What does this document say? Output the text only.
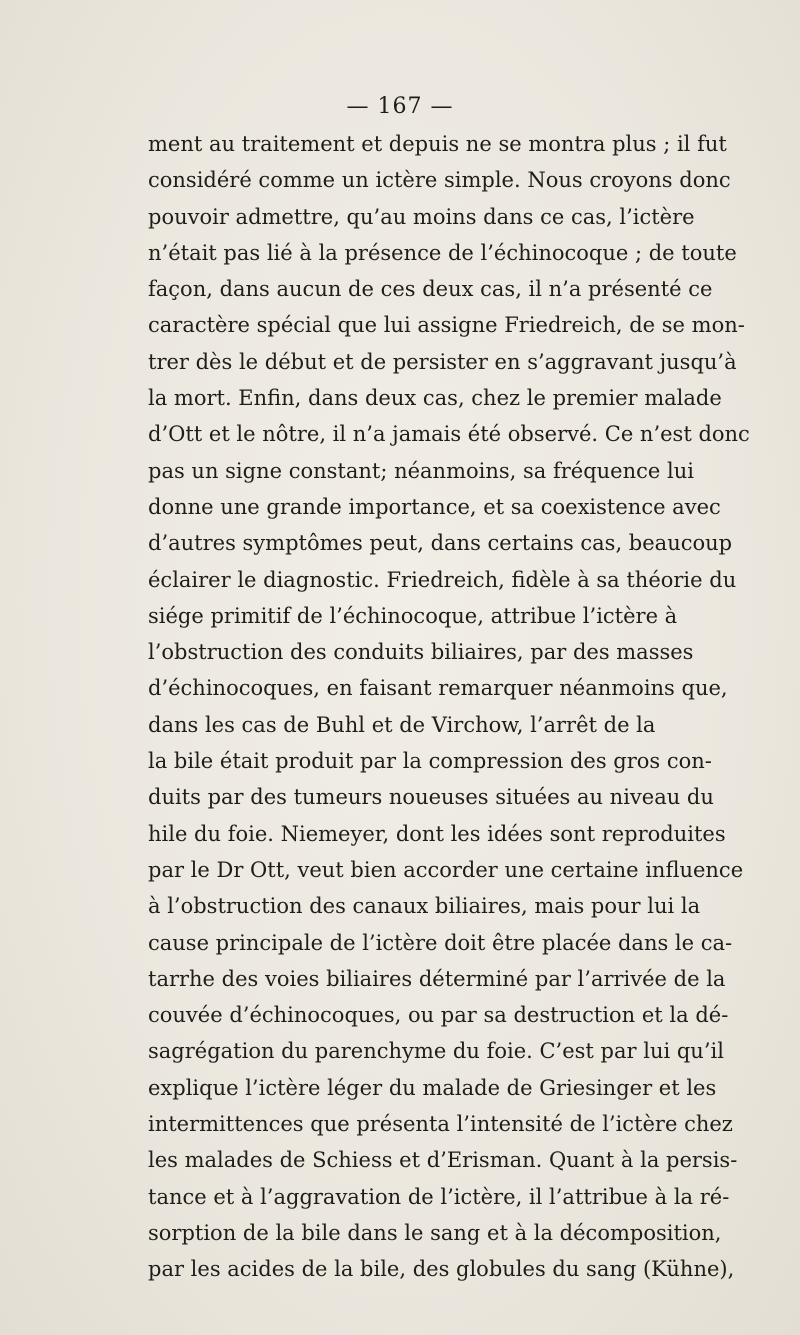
— 167 —
ment au traitement et depuis ne se montra plus ; il fut
considéré comme un ictère simple. Nous croyons donc
pouvoir admettre, qu’au moins dans ce cas, l’ictère
n’était pas lié à la présence de l’échinocoque ; de toute
façon, dans aucun de ces deux cas, il n’a présenté ce
caractère spécial que lui assigne Friedreich, de se mon-
trer dès le début et de persister en s’aggravant jusqu’à
la mort. Enfin, dans deux cas, chez le premier malade
d’Ott et le nôtre, il n’a jamais été observé. Ce n’est donc
pas un signe constant; néanmoins, sa fréquence lui
donne une grande importance, et sa coexistence avec
d’autres symptômes peut, dans certains cas, beaucoup
éclairer le diagnostic. Friedreich, fidèle à sa théorie du
siége primitif de l’échinocoque, attribue l’ictère à
l’obstruction des conduits biliaires, par des masses
d’échinocoques, en faisant remarquer néanmoins que,
dans les cas de Buhl et de Virchow, l’arrêt de la
la bile était produit par la compression des gros con-
duits par des tumeurs noueuses situées au niveau du
hile du foie. Niemeyer, dont les idées sont reproduites
par le Dr Ott, veut bien accorder une certaine influence
à l’obstruction des canaux biliaires, mais pour lui la
cause principale de l’ictère doit être placée dans le ca-
tarrhe des voies biliaires déterminé par l’arrivée de la
couvée d’échinocoques, ou par sa destruction et la dé-
sagrégation du parenchyme du foie. C’est par lui qu’il
explique l’ictère léger du malade de Griesinger et les
intermittences que présenta l’intensité de l’ictère chez
les malades de Schiess et d’Erisman. Quant à la persis-
tance et à l’aggravation de l’ictère, il l’attribue à la ré-
sorption de la bile dans le sang et à la décomposition,
par les acides de la bile, des globules du sang (Kühne),
